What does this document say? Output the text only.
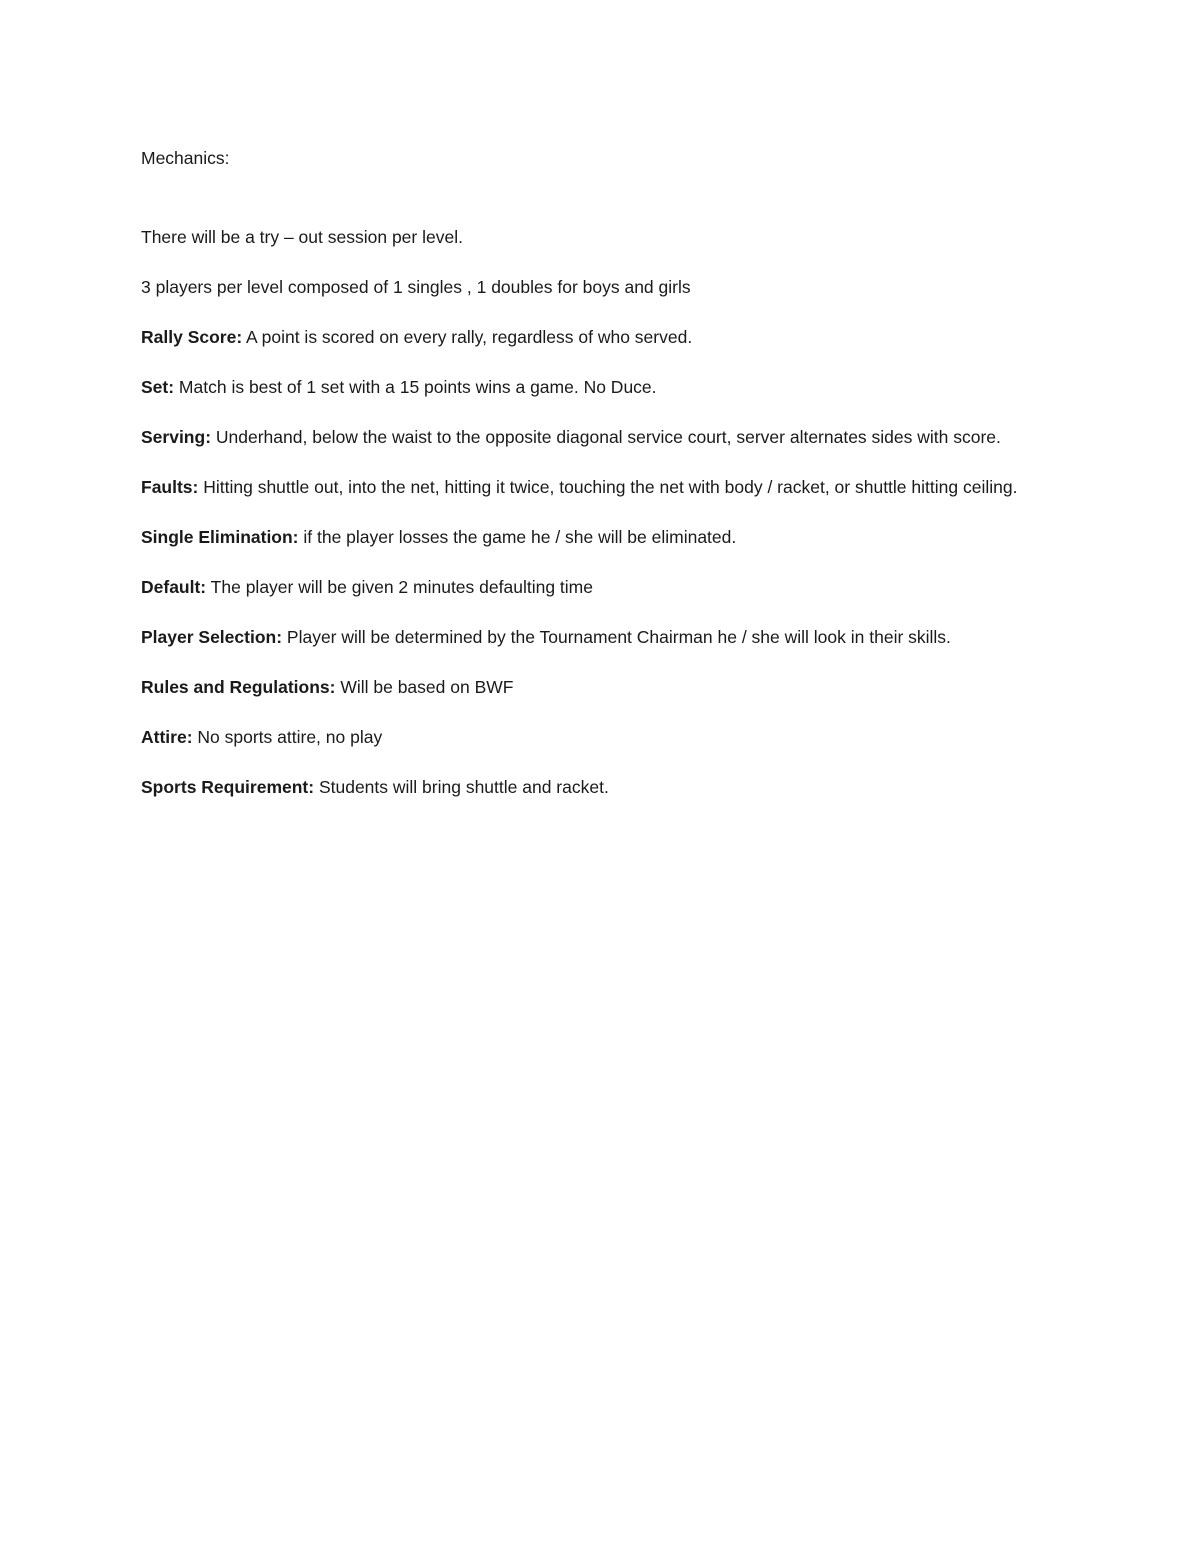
Mechanics:

There will be a try – out session per level.

3 players per level composed of 1 singles , 1 doubles for boys and girls

Rally Score: A point is scored on every rally, regardless of who served.

Set: Match is best of 1 set with a 15 points wins a game. No Duce.

Serving: Underhand, below the waist to the opposite diagonal service court, server alternates sides with score.

Faults: Hitting shuttle out, into the net, hitting it twice, touching the net with body / racket, or shuttle hitting ceiling.

Single Elimination: if the player losses the game he / she will be eliminated.

Default: The player will be given 2 minutes defaulting time

Player Selection: Player will be determined by the Tournament Chairman he / she will look in their skills.

Rules and Regulations: Will be based on BWF

Attire: No sports attire, no play

Sports Requirement: Students will bring shuttle and racket.
